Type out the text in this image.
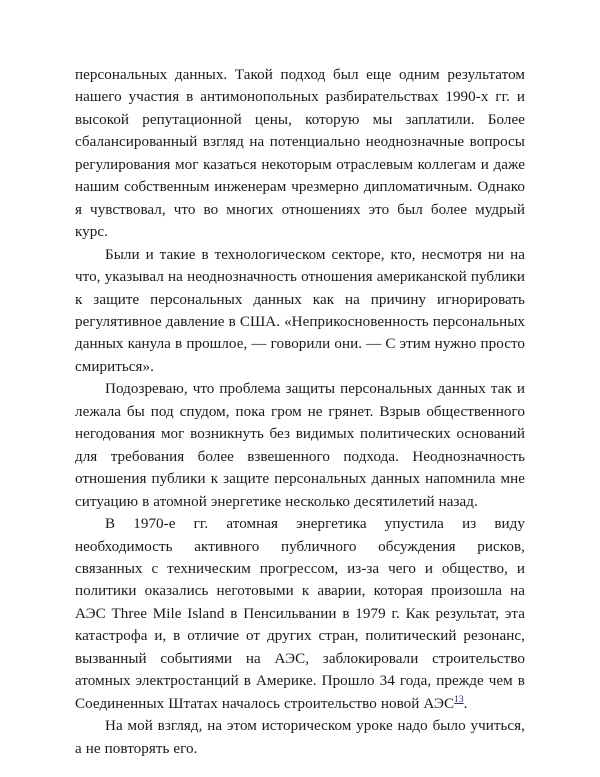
персональных данных. Такой подход был еще одним результатом нашего участия в антимонопольных разбирательствах 1990-х гг. и высокой репутационной цены, которую мы заплатили. Более сбалансированный взгляд на потенциально неоднозначные вопросы регулирования мог казаться некоторым отраслевым коллегам и даже нашим собственным инженерам чрезмерно дипломатичным. Однако я чувствовал, что во многих отношениях это был более мудрый курс.

Были и такие в технологическом секторе, кто, несмотря ни на что, указывал на неоднозначность отношения американской публики к защите персональных данных как на причину игнорировать регулятивное давление в США. «Неприкосновенность персональных данных канула в прошлое, — говорили они. — С этим нужно просто смириться».

Подозреваю, что проблема защиты персональных данных так и лежала бы под спудом, пока гром не грянет. Взрыв общественного негодования мог возникнуть без видимых политических оснований для требования более взвешенного подхода. Неоднозначность отношения публики к защите персональных данных напомнила мне ситуацию в атомной энергетике несколько десятилетий назад.

В 1970-е гг. атомная энергетика упустила из виду необходимость активного публичного обсуждения рисков, связанных с техническим прогрессом, из-за чего и общество, и политики оказались неготовыми к аварии, которая произошла на АЭС Three Mile Island в Пенсильвании в 1979 г. Как результат, эта катастрофа и, в отличие от других стран, политический резонанс, вызванный событиями на АЭС, заблокировали строительство атомных электростанций в Америке. Прошло 34 года, прежде чем в Соединенных Штатах началось строительство новой АЭС$^{13}$.

На мой взгляд, на этом историческом уроке надо было учиться, а не повторять его.
